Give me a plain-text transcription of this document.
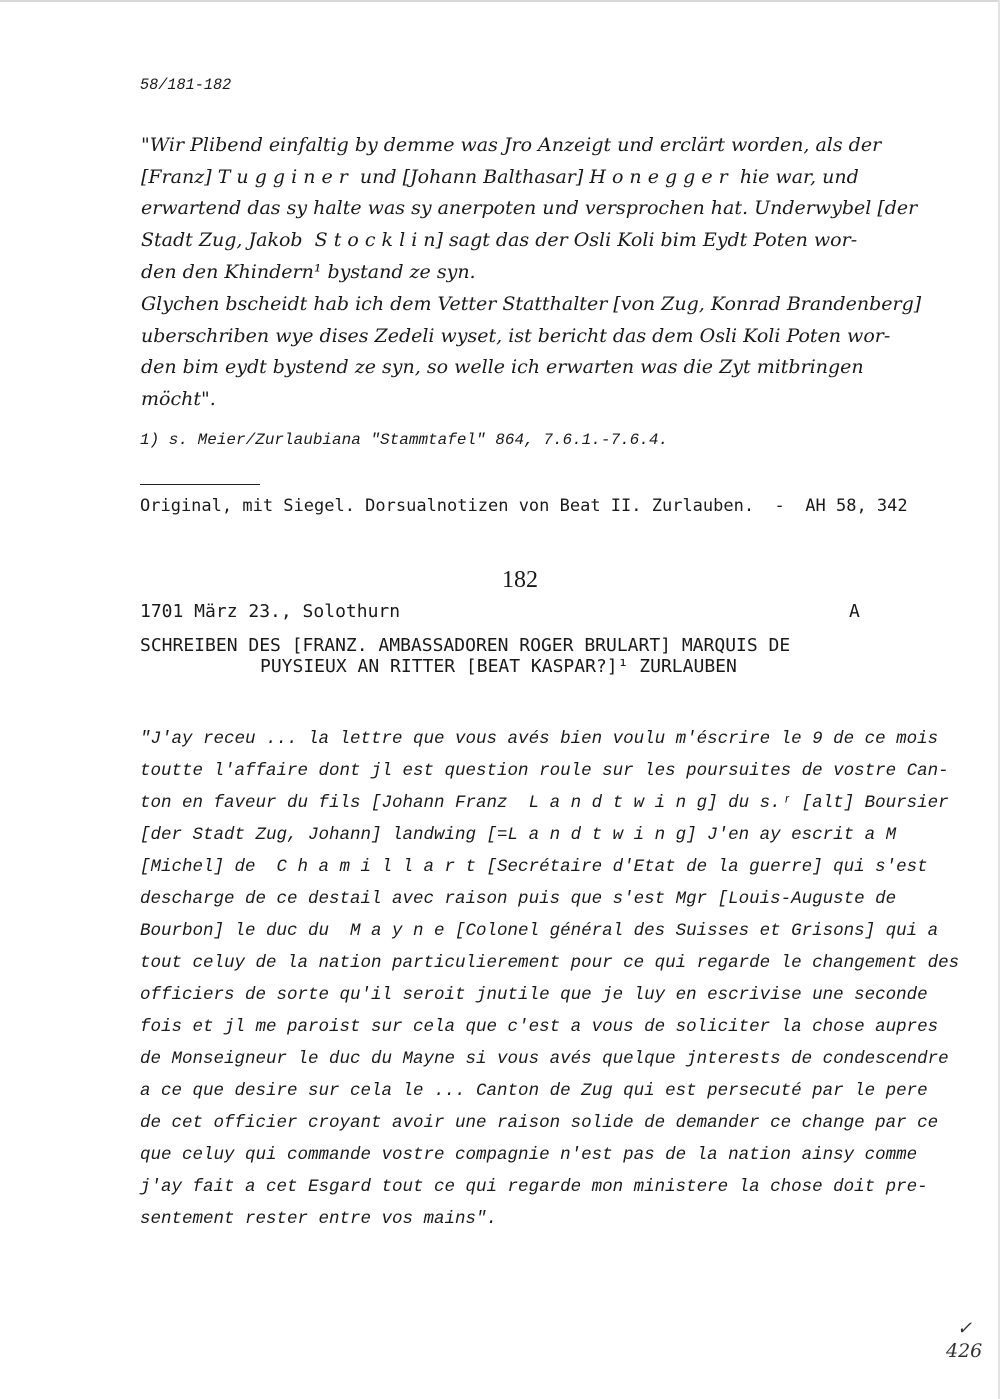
58/181-182
"Wir Plibend einfaltig by demme was Jro Anzeigt und erclärt worden, als der
[Franz] T u g g i n e r  und [Johann Balthasar] H o n e g g e r  hie war, und
erwartend das sy halte was sy anerpoten und versprochen hat. Underwybel [der
Stadt Zug, Jakob  S t o c k l i n] sagt das der Osli Koli bim Eydt Poten wor-
den den Khindern¹ bystand ze syn.
Glychen bscheidt hab ich dem Vetter Statthalter [von Zug, Konrad Brandenberg]
uberschriben wye dises Zedeli wyset, ist bericht das dem Osli Koli Poten wor-
den bim eydt bystend ze syn, so welle ich erwarten was die Zyt mitbringen
möcht".
1) s. Meier/Zurlaubiana "Stammtafel" 864, 7.6.1.-7.6.4.
Original, mit Siegel. Dorsualnotizen von Beat II. Zurlauben.  -  AH 58, 342
182
1701 März 23., Solothurn	A
SCHREIBEN DES [FRANZ. AMBASSADOREN ROGER BRULART] MARQUIS DE
PUYSIEUX AN RITTER [BEAT KASPAR?]¹ ZURLAUBEN
"J'ay receu ... la lettre que vous avés bien voulu m'éscrire le 9 de ce mois
toutte l'affaire dont jl est question roule sur les poursuites de vostre Can-
ton en faveur du fils [Johann Franz  L a n d t w i n g] du s.ʳ [alt] Boursier
[der Stadt Zug, Johann] landwing [=L a n d t w i n g] J'en ay escrit a M
[Michel] de  C h a m i l l a r t [Secrétaire d'Etat de la guerre] qui s'est
descharge de ce destail avec raison puis que s'est Mgr [Louis-Auguste de
Bourbon] le duc du  M a y n e [Colonel général des Suisses et Grisons] qui a
tout celuy de la nation particulierement pour ce qui regarde le changement des
officiers de sorte qu'il seroit jnutile que je luy en escrivise une seconde
fois et jl me paroist sur cela que c'est a vous de soliciter la chose aupres
de Monseigneur le duc du Mayne si vous avés quelque jnterests de condescendre
a ce que desire sur cela le ... Canton de Zug qui est persecuté par le pere
de cet officier croyant avoir une raison solide de demander ce change par ce
que celuy qui commande vostre compagnie n'est pas de la nation ainsy comme
j'ay fait a cet Esgard tout ce qui regarde mon ministere la chose doit pre-
sentement rester entre vos mains".
✓
426
